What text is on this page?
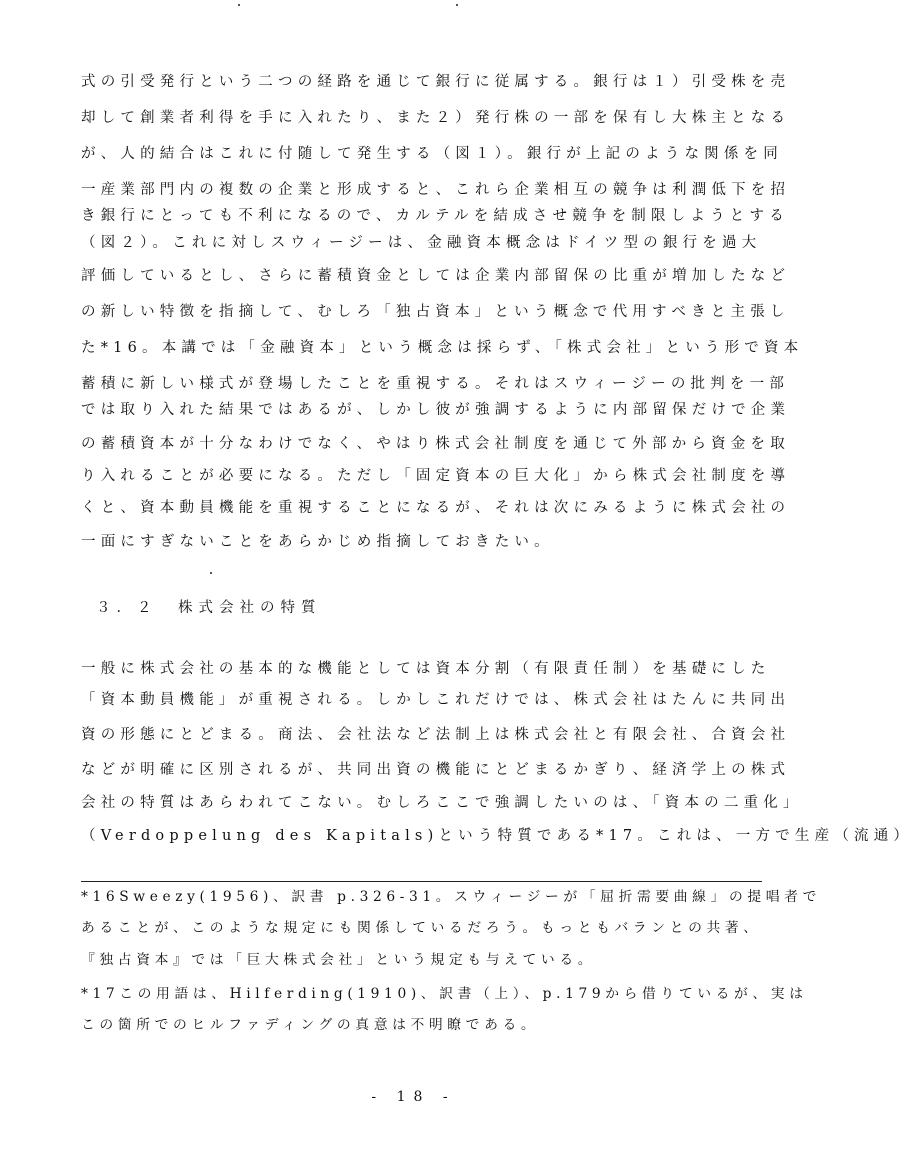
式の引受発行という二つの経路を通じて銀行に従属する。銀行は１）引受株を売
却して創業者利得を手に入れたり、また２）発行株の一部を保有し大株主となる
が、人的結合はこれに付随して発生する（図１）。銀行が上記のような関係を同
一産業部門内の複数の企業と形成すると、これら企業相互の競争は利潤低下を招
き銀行にとっても不利になるので、カルテルを結成させ競争を制限しようとする
（図２）。これに対しスウィージーは、金融資本概念はドイツ型の銀行を過大
評価しているとし、さらに蓄積資金としては企業内部留保の比重が増加したなど
の新しい特徴を指摘して、むしろ「独占資本」という概念で代用すべきと主張し
た*16。本講では「金融資本」という概念は採らず、「株式会社」という形で資本
蓄積に新しい様式が登場したことを重視する。それはスウィージーの批判を一部
では取り入れた結果ではあるが、しかし彼が強調するように内部留保だけで企業
の蓄積資本が十分なわけでなく、やはり株式会社制度を通じて外部から資金を取
り入れることが必要になる。ただし「固定資本の巨大化」から株式会社制度を導
くと、資本動員機能を重視することになるが、それは次にみるように株式会社の
一面にすぎないことをあらかじめ指摘しておきたい。
３．２　株式会社の特質
一般に株式会社の基本的な機能としては資本分割（有限責任制）を基礎にした
「資本動員機能」が重視される。しかしこれだけでは、株式会社はたんに共同出
資の形態にとどまる。商法、会社法など法制上は株式会社と有限会社、合資会社
などが明確に区別されるが、共同出資の機能にとどまるかぎり、経済学上の株式
会社の特質はあらわれてこない。むしろここで強調したいのは、「資本の二重化」
（Verdoppelung des Kapitals)という特質である*17。これは、一方で生産（流通）
*16Sweezy(1956)、訳書 p.326-31。スウィージーが「屈折需要曲線」の提唱者で
あることが、このような規定にも関係しているだろう。もっともバランとの共著、
『独占資本』では「巨大株式会社」という規定も与えている。
*17この用語は、Hilferding(1910)、訳書（上）、p.179から借りているが、実は
この箇所でのヒルファディングの真意は不明瞭である。
- 18 -
